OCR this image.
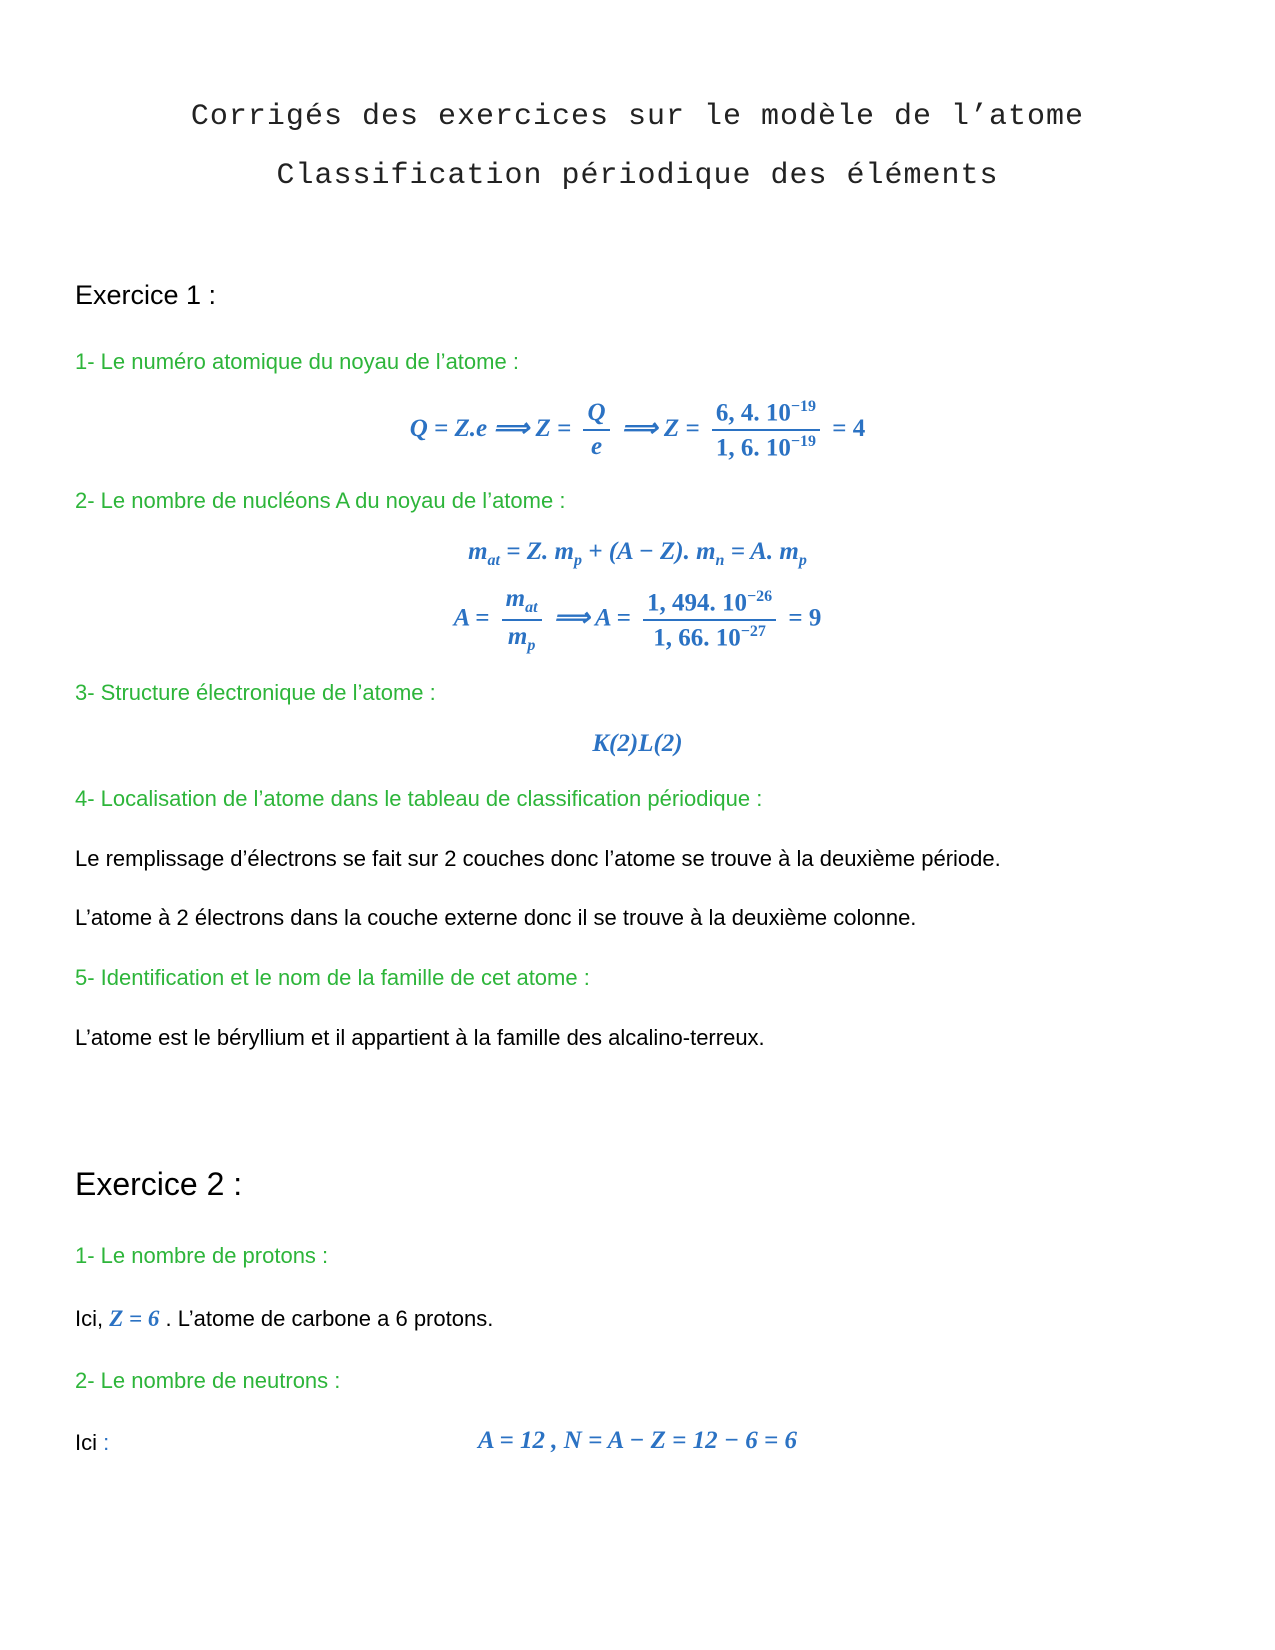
Corrigés des exercices sur le modèle de l’atome
Classification périodique des éléments
Exercice 1 :
1- Le numéro atomique du noyau de l’atome :
Q = Z.e ⟹ $Z = \frac{Q}{e}$ ⟹ $Z = \frac{6, 4. 10^{-19}}{1, 6. 10^{-19}} = 4$
2- Le nombre de nucléons A du noyau de l’atome :
$m_{at} = Z$. $m_p + (A - Z)$. $m_n = A$. $m_p$
$A = \frac{m_{at}}{m_p}$ ⟹ $A = \frac{1, 494. 10^{-26}}{1, 66. 10^{-27}} = 9$
3- Structure électronique de l’atome :
K(2)L(2)
4- Localisation de l’atome dans le tableau de classification périodique :
Le remplissage d’électrons se fait sur 2 couches donc l’atome se trouve à la deuxième période.
L’atome à 2 électrons dans la couche externe donc il se trouve à la deuxième colonne.
5- Identification et le nom de la famille de cet atome :
L’atome est le béryllium et il appartient à la famille des alcalino-terreux.
Exercice 2 :
1- Le nombre de protons :
Ici, Z = 6 . L’atome de carbone a 6 protons.
2- Le nombre de neutrons :
Ici :	A = 12 , N = A − Z = 12 − 6 = 6
